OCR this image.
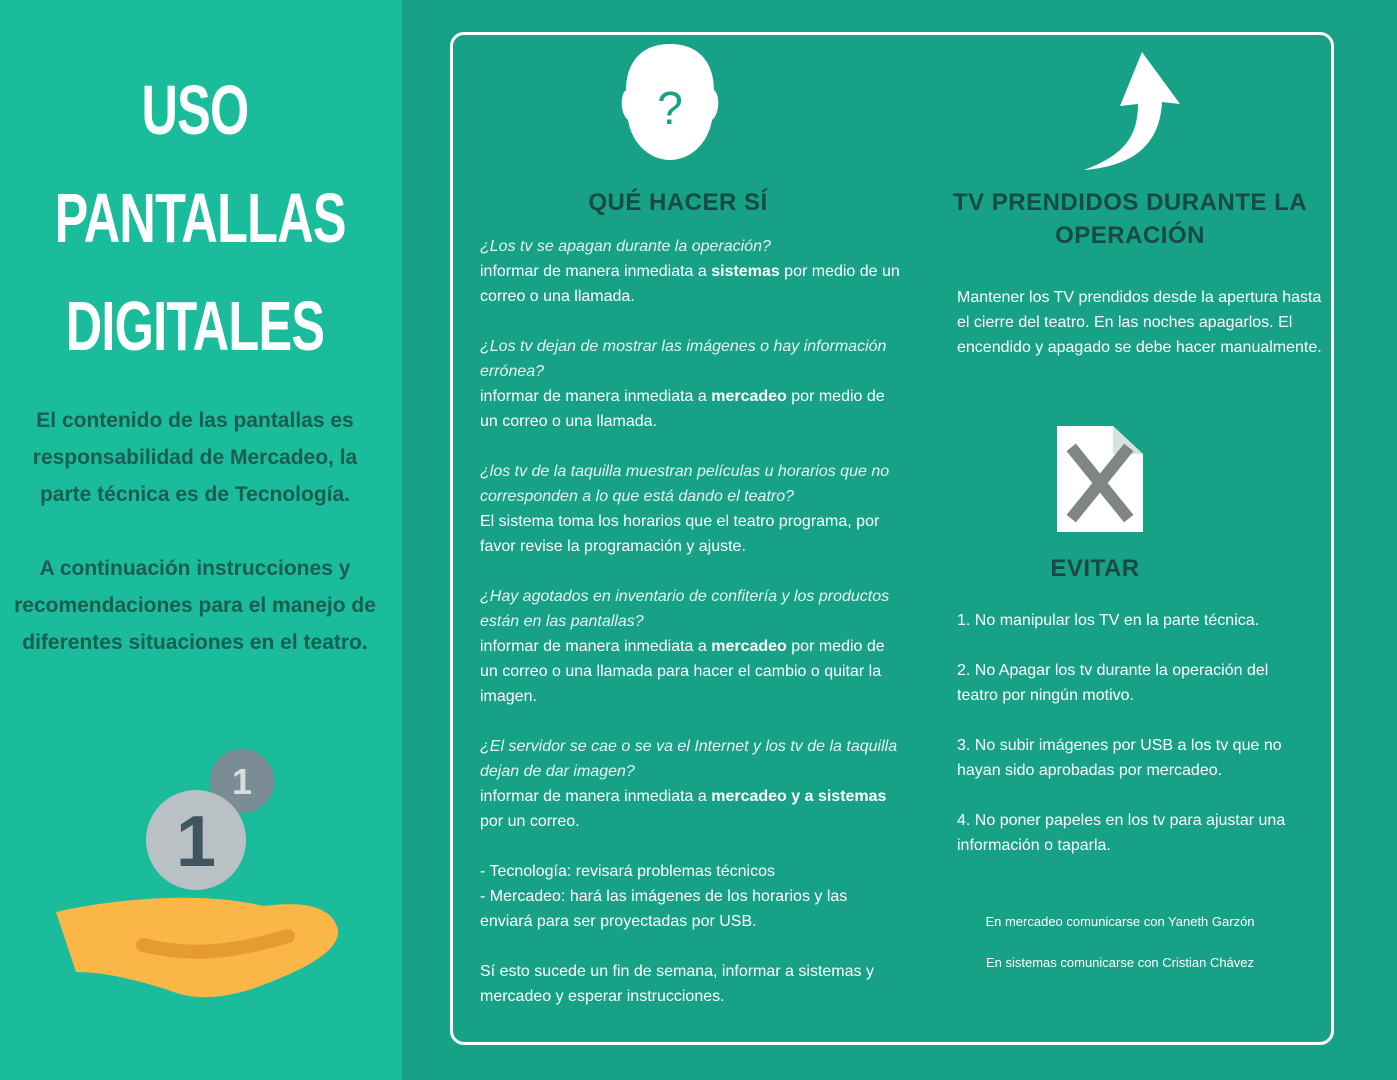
USO
PANTALLAS
DIGITALES

El contenido de las pantallas es responsabilidad de Mercadeo, la parte técnica es de Tecnología.

A continuación instrucciones y recomendaciones para el manejo de diferentes situaciones en el teatro.

1
1
?
QUÉ HACER SÍ

¿Los tv se apagan durante la operación?

informar de manera inmediata a sistemas por medio de un correo o una llamada.

¿Los tv dejan de mostrar las imágenes o hay información errónea?

informar de manera inmediata a mercadeo por medio de un correo o una llamada.

¿los tv de la taquilla muestran películas u horarios que no corresponden a lo que está dando el teatro?

El sistema toma los horarios que el teatro programa, por favor revise la programación y ajuste.

¿Hay agotados en inventario de confitería y los productos están en las pantallas?

informar de manera inmediata a mercadeo por medio de un correo o una llamada para hacer el cambio o quitar la imagen.

¿El servidor se cae o se va el Internet y los tv de la taquilla dejan de dar imagen?

informar de manera inmediata a mercadeo y a sistemas por un correo.

- Tecnología: revisará problemas técnicos

- Mercadeo: hará las imágenes de los horarios y las enviará para ser proyectadas por USB.

Sí esto sucede un fin de semana, informar a sistemas y mercadeo y esperar instrucciones.

TV PRENDIDOS DURANTE LA OPERACIÓN

Mantener los TV prendidos desde la apertura hasta el cierre del teatro. En las noches apagarlos. El encendido y apagado se debe hacer manualmente.

EVITAR
1. No manipular los TV en la parte técnica.
2. No Apagar los tv durante la operación del teatro por ningún motivo.
3. No subir imágenes por USB a los tv que no hayan sido aprobadas por mercadeo.
4. No poner papeles en los tv para ajustar una información o taparla.

En mercadeo comunicarse con Yaneth Garzón

En sistemas comunicarse con Cristian Chávez
